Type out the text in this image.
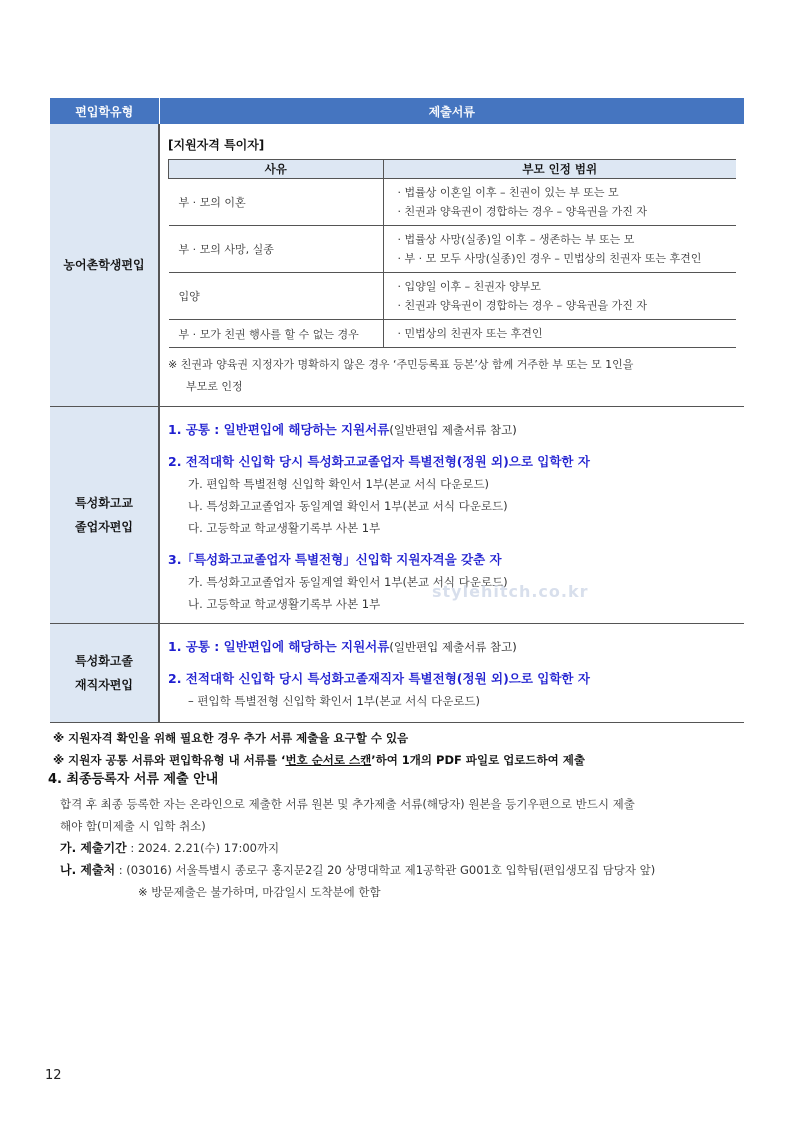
편입학유형	제출서류
농어촌학생편입	
[지원자격 특이자]
사유	부모 인정 범위
부 · 모의 이혼	
· 법률상 이혼일 이후 – 친권이 있는 부 또는 모
· 친권과 양육권이 경합하는 경우 – 양육권을 가진 자

부 · 모의 사망, 실종	
· 법률상 사망(실종)일 이후 – 생존하는 부 또는 모
· 부 · 모 모두 사망(실종)인 경우 – 민법상의 친권자 또는 후견인

입양	
· 입양일 이후 – 친권자 양부모
· 친권과 양육권이 경합하는 경우 – 양육권을 가진 자

부 · 모가 친권 행사를 할 수 없는 경우	· 민법상의 친권자 또는 후견인
※ 친권과 양육권 지정자가 명확하지 않은 경우 ‘주민등록표 등본’상 함께 거주한 부 또는 모 1인을
부모로 인정

특성화고교
졸업자편입

1. 공통 : 일반편입에 해당하는 지원서류(일반편입 제출서류 참고)
2. 전적대학 신입학 당시 특성화고교졸업자 특별전형(정원 외)으로 입학한 자
가. 편입학 특별전형 신입학 확인서 1부(본교 서식 다운로드)
나. 특성화고교졸업자 동일계열 확인서 1부(본교 서식 다운로드)
다. 고등학교 학교생활기록부 사본 1부
3.「특성화고교졸업자 특별전형」신입학 지원자격을 갖춘 자
가. 특성화고교졸업자 동일계열 확인서 1부(본교 서식 다운로드)
나. 고등학교 학교생활기록부 사본 1부

특성화고졸
재직자편입

1. 공통 : 일반편입에 해당하는 지원서류(일반편입 제출서류 참고)
2. 전적대학 신입학 당시 특성화고졸재직자 특별전형(정원 외)으로 입학한 자
– 편입학 특별전형 신입학 확인서 1부(본교 서식 다운로드)
※ 지원자격 확인을 위해 필요한 경우 추가 서류 제출을 요구할 수 있음
※ 지원자 공통 서류와 편입학유형 내 서류를 ‘번호 순서로 스캔’하여 1개의 PDF 파일로 업로드하여 제출
stylehitch.co.kr
4. 최종등록자 서류 제출 안내

합격 후 최종 등록한 자는 온라인으로 제출한 서류 원본 및 추가제출 서류(해당자) 원본을 등기우편으로 반드시 제출

해야 함(미제출 시 입학 취소)

가. 제출기간 : 2024. 2.21(수) 17:00까지
나. 제출처 : (03016) 서울특별시 종로구 홍지문2길 20 상명대학교 제1공학관 G001호 입학팀(편입생모집 담당자 앞)
※ 방문제출은 불가하며, 마감일시 도착분에 한함
12
